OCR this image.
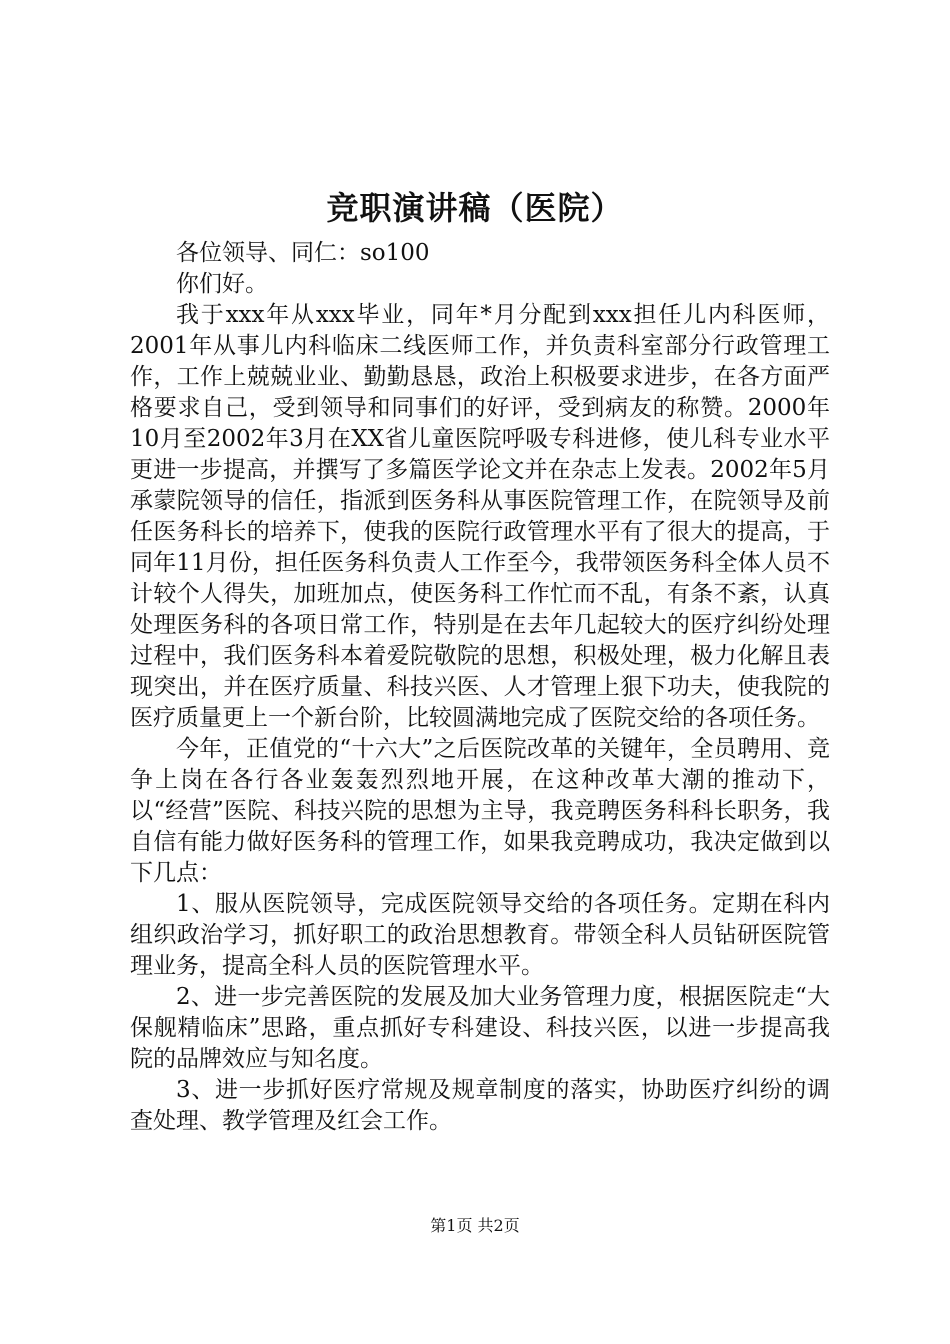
竞职演讲稿（医院）

各位领导、同仁：so100

你们好。

我于xxx年从xxx毕业，同年*月分配到xxx担任儿内科医师，2001年从事儿内科临床二线医师工作，并负责科室部分行政管理工作，工作上兢兢业业、勤勤恳恳，政治上积极要求进步，在各方面严格要求自己，受到领导和同事们的好评，受到病友的称赞。2000年10月至2002年3月在XX省儿童医院呼吸专科进修，使儿科专业水平更进一步提高，并撰写了多篇医学论文并在杂志上发表。2002年5月承蒙院领导的信任，指派到医务科从事医院管理工作，在院领导及前任医务科长的培养下，使我的医院行政管理水平有了很大的提高，于同年11月份，担任医务科负责人工作至今，我带领医务科全体人员不计较个人得失，加班加点，使医务科工作忙而不乱，有条不紊，认真处理医务科的各项日常工作，特别是在去年几起较大的医疗纠纷处理过程中，我们医务科本着爱院敬院的思想，积极处理，极力化解且表现突出，并在医疗质量、科技兴医、人才管理上狠下功夫，使我院的医疗质量更上一个新台阶，比较圆满地完成了医院交给的各项任务。

今年，正值党的“十六大”之后医院改革的关键年，全员聘用、竞争上岗在各行各业轰轰烈烈地开展，在这种改革大潮的推动下，以“经营”医院、科技兴院的思想为主导，我竞聘医务科科长职务，我自信有能力做好医务科的管理工作，如果我竞聘成功，我决定做到以下几点：

1、服从医院领导，完成医院领导交给的各项任务。定期在科内组织政治学习，抓好职工的政治思想教育。带领全科人员钻研医院管理业务，提高全科人员的医院管理水平。

2、进一步完善医院的发展及加大业务管理力度，根据医院走“大保舰精临床”思路，重点抓好专科建设、科技兴医，以进一步提高我院的品牌效应与知名度。

3、进一步抓好医疗常规及规章制度的落实，协助医疗纠纷的调查处理、教学管理及红会工作。

第1页 共2页
